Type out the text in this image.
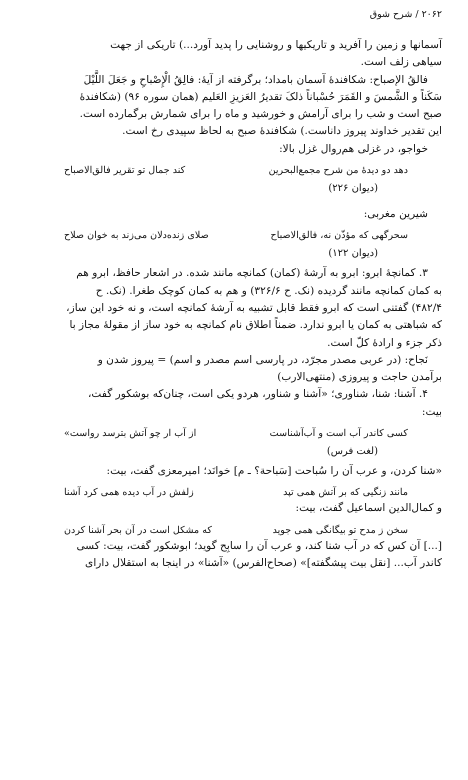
۲۰۶۲ / شرح شوق

آسمانها و زمین را آفرید و تاریکیها و روشنایی را پدید آورد...) تاریکی از جهت

سیاهی زلف است.

فالقُ الإصباح: شکافندهٔ آسمان بامداد؛ برگرفته از آیهٔ: فالِقُ الْإِصْباحِ و جَعَلَ اللَّیْلَ

سَکَناً و الشَّمسَ و القَمَرَ حُسْباناً ذلکَ تقدیرُ العَزیزِ العَلیم (همان سوره ۹۶) (شکافندهٔ

صبح است و شب را برای آرامش و خورشید و ماه را برای شمارش برگمارده است.

این تقدیر خداوند پیروز داناست.) شکافندهٔ صبح به لحاظ سپیدی رخ است.

خواجو، در غزلی هم‌روال غزل بالا:

دهد دو دیدهٔ من شرح مجمع‌البحرین
کند جمال تو تقریر فالق‌الاصباح
(دیوان ۲۲۶)

شیرین مغربی:

سحرگهی که مؤذّن نه، فالق‌الاصباح
صلای زنده‌دلان می‌زند به خوان صلاح
(دیوان ۱۲۲)

۳. کمانچهٔ ابرو: ابرو به آرشهٔ (کمان) کمانچه مانند شده. در اشعار حافظ، ابرو هم

به کمان کمانچه مانند گردیده (نک. ح ۳۲۶/۶) و هم به کمان کوچک طغرا. (نک. ح

۴۸۲/۴) گفتنی است که ابرو فقط قابل تشبیه به آرشهٔ کمانچه است، و نه خود این ساز،

که شباهتی به کمان یا ابرو ندارد. ضمناً اطلاق نام کمانچه به خود ساز از مقولهٔ مجاز با

ذکر جزء و ارادهٔ کلّ است.

نَجاح: (در عربی مصدر مجرّد، در پارسی اسم مصدر و اسم) = پیروز شدن و

برآمدن حاجت و پیروزی (منتهی‌الارب)

۴. آشنا: شنا، شناوری؛ «آشنا و شناور، هردو یکی است، چنان‌که بوشکور گفت،

بیت:

کسی کاندر آب است و آب‌آشناست
از آب ار چو آتش بترسد رواست»
(لغت فرس)

«شنا کردن، و عرب آن را سُباحت [سَباحة؟ ـ م] خوانَد؛ امیرمعزی گفت، بیت:

مانند زنگیی که بر آتش همی تپد
زلفش در آب دیده همی کرد آشنا

و کمال‌الدین اسماعیل گفت، بیت:

سخن ز مدح تو بیگانگی همی جوید
که مشکل است در آن بحر آشنا کردن

[...] آن کس که در آب شنا کند، و عرب آن را سابِح گوید؛ ابوشکور گفت، بیت: کسی

کاندر آب... [نقل بیت پیشگفته]» (صحاح‌الفرس) «آشنا» در اینجا به استقلال دارای
